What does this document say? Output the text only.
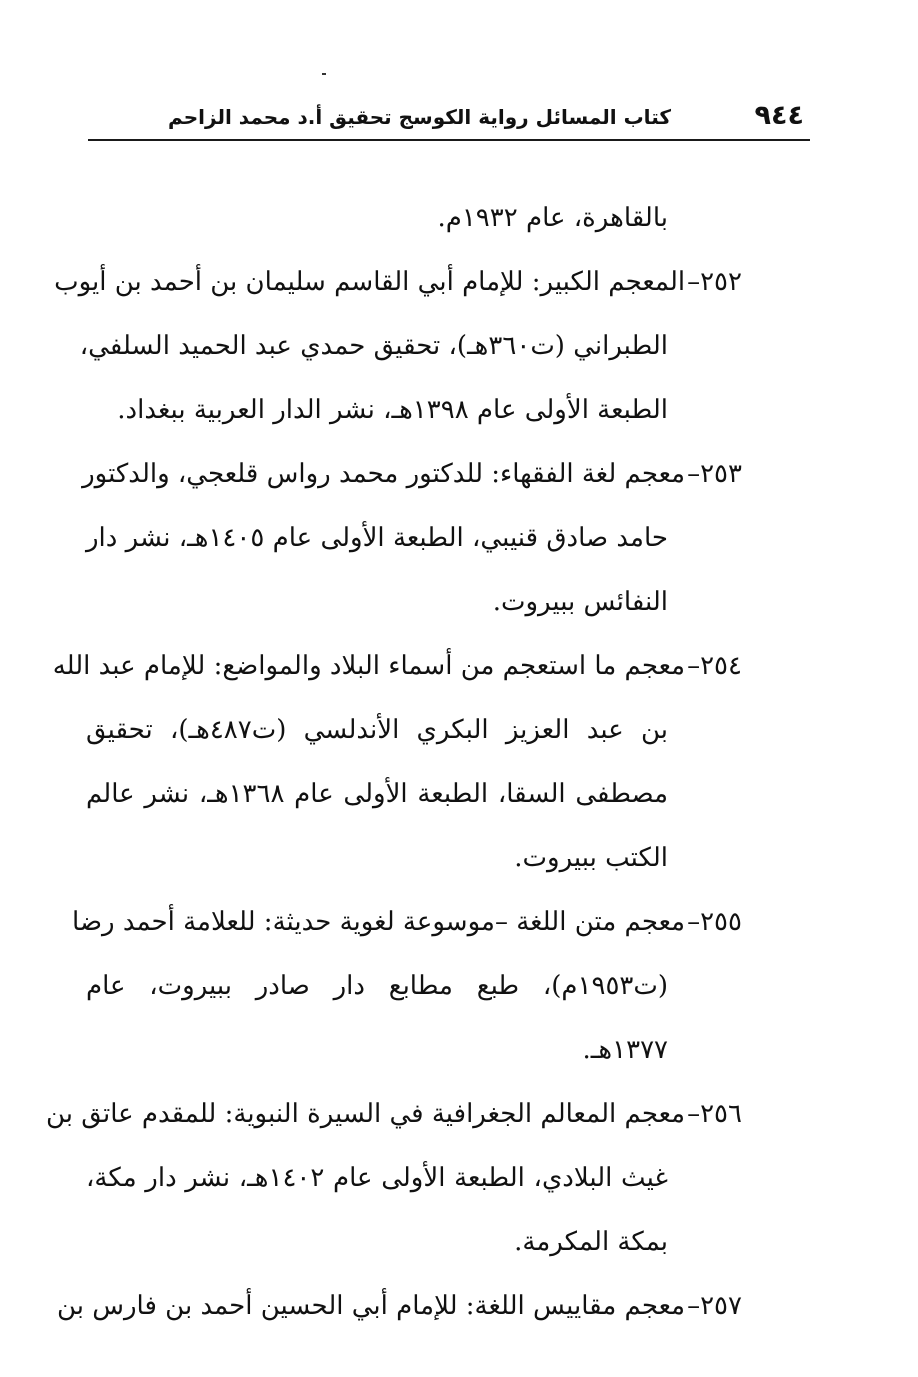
٩٤٤
كتاب المسائل رواية الكوسج تحقيق أ.د محمد الزاحم
بالقاهرة، عام ١٩٣٢م.
٢٥٢–المعجم الكبير: للإمام أبي القاسم سليمان بن أحمد بن أيوب
الطبراني (ت٣٦٠هـ)، تحقيق حمدي عبد الحميد السلفي،
الطبعة الأولى عام ١٣٩٨هـ، نشر الدار العربية ببغداد.
٢٥٣–معجم لغة الفقهاء: للدكتور محمد رواس قلعجي، والدكتور
حامد صادق قنيبي، الطبعة الأولى عام ١٤٠٥هـ، نشر دار
النفائس ببيروت.
٢٥٤–معجم ما استعجم من أسماء البلاد والمواضع: للإمام عبد الله
بن عبد العزيز البكري الأندلسي (ت٤٨٧هـ)، تحقيق
مصطفى السقا، الطبعة الأولى عام ١٣٦٨هـ، نشر عالم
الكتب ببيروت.
٢٥٥–معجم متن اللغة –موسوعة لغوية حديثة: للعلامة أحمد رضا
(ت١٩٥٣م)، طبع مطابع دار صادر ببيروت، عام
١٣٧٧هـ.
٢٥٦–معجم المعالم الجغرافية في السيرة النبوية: للمقدم عاتق بن
غيث البلادي، الطبعة الأولى عام ١٤٠٢هـ، نشر دار مكة،
بمكة المكرمة.
٢٥٧–معجم مقاييس اللغة: للإمام أبي الحسين أحمد بن فارس بن
